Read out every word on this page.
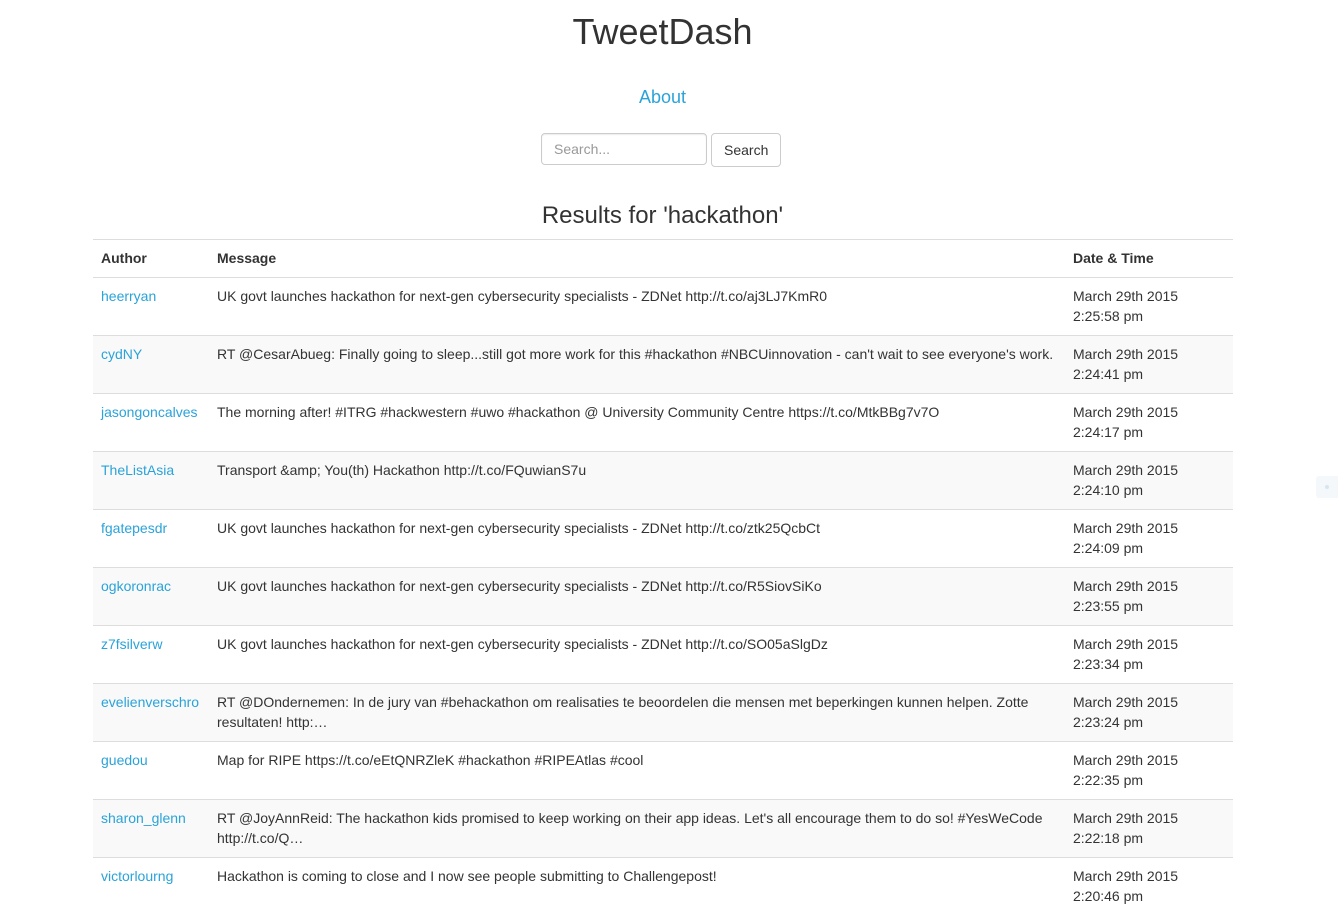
TweetDash
About
Search...
Search
Results for 'hackathon'
Author	Message	Date & Time
heerryan	UK govt launches hackathon for next-gen cybersecurity specialists - ZDNet http://t.co/aj3LJ7KmR0	March 29th 2015 2:25:58 pm
cydNY	RT @CesarAbueg: Finally going to sleep...still got more work for this #hackathon #NBCUinnovation - can't wait to see everyone's work.	March 29th 2015 2:24:41 pm
jasongoncalves	The morning after! #ITRG #hackwestern #uwo #hackathon @ University Community Centre https://t.co/MtkBBg7v7O	March 29th 2015 2:24:17 pm
TheListAsia	Transport &amp; You(th) Hackathon http://t.co/FQuwianS7u	March 29th 2015 2:24:10 pm
fgatepesdr	UK govt launches hackathon for next-gen cybersecurity specialists - ZDNet http://t.co/ztk25QcbCt	March 29th 2015 2:24:09 pm
ogkoronrac	UK govt launches hackathon for next-gen cybersecurity specialists - ZDNet http://t.co/R5SiovSiKo	March 29th 2015 2:23:55 pm
z7fsilverw	UK govt launches hackathon for next-gen cybersecurity specialists - ZDNet http://t.co/SO05aSlgDz	March 29th 2015 2:23:34 pm
evelienverschro	RT @DOndernemen: In de jury van #behackathon om realisaties te beoordelen die mensen met beperkingen kunnen helpen. Zotte resultaten! http:…	March 29th 2015 2:23:24 pm
guedou	Map for RIPE https://t.co/eEtQNRZleK #hackathon #RIPEAtlas #cool	March 29th 2015 2:22:35 pm
sharon_glenn	RT @JoyAnnReid: The hackathon kids promised to keep working on their app ideas. Let's all encourage them to do so! #YesWeCode http://t.co/Q…	March 29th 2015 2:22:18 pm
victorlourng	Hackathon is coming to close and I now see people submitting to Challengepost!	March 29th 2015 2:20:46 pm
